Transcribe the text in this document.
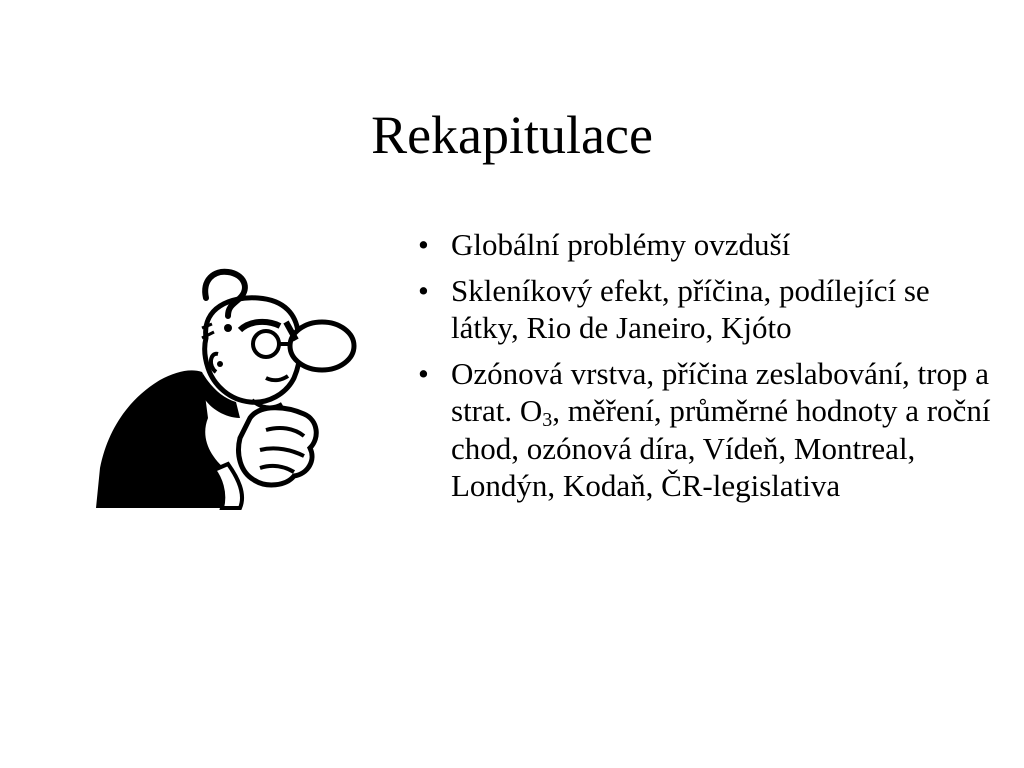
Rekapitulace
• Globální problémy ovzduší
• Skleníkový efekt, příčina, podílející se látky, Rio de Janeiro, Kjóto
• Ozónová vrstva, příčina zeslabování, trop a strat. $O_3$, měření, průměrné hodnoty a roční chod, ozónová díra, Vídeň, Montreal, Londýn, Kodaň, ČR-legislativa
